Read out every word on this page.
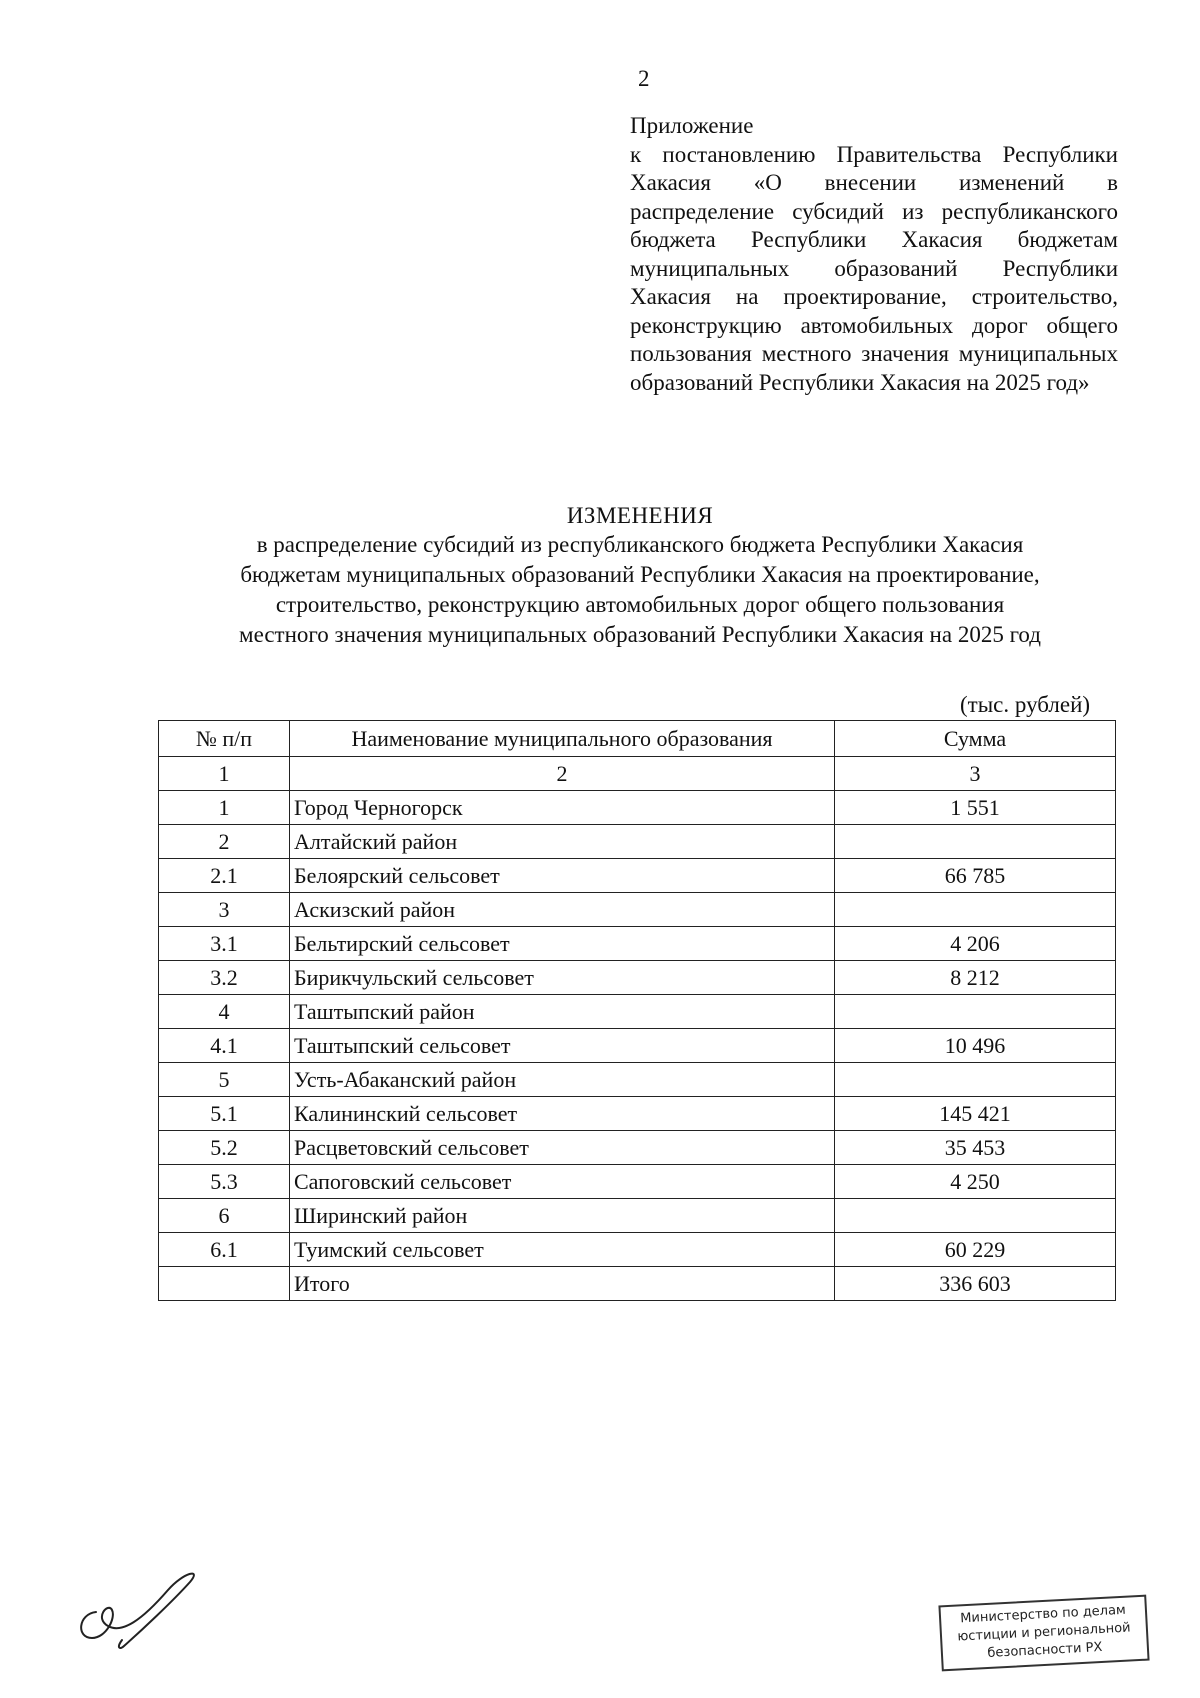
2

Приложение

к постановлению Правительства Республики Хакасия «О внесении изменений в распределение субсидий из республиканского бюджета Республики Хакасия бюджетам муниципальных образований Республики Хакасия на проектирование, строительство, реконструкцию автомобильных дорог общего пользования местного значения муниципальных образований Республики Хакасия на 2025 год»

ИЗМЕНЕНИЯ
в распределение субсидий из республиканского бюджета Республики Хакасия
бюджетам муниципальных образований Республики Хакасия на проектирование,
строительство, реконструкцию автомобильных дорог общего пользования
местного значения муниципальных образований Республики Хакасия на 2025 год
(тыс. рублей)
№ п/п	Наименование муниципального образования	Сумма
1	2	3
1	Город Черногорск	1 551
2	Алтайский район	
2.1	Белоярский сельсовет	66 785
3	Аскизский район	
3.1	Бельтирский сельсовет	4 206
3.2	Бирикчульский сельсовет	8 212
4	Таштыпский район	
4.1	Таштыпский сельсовет	10 496
5	Усть-Абаканский район	
5.1	Калининский сельсовет	145 421
5.2	Расцветовский сельсовет	35 453
5.3	Сапоговский сельсовет	4 250
6	Ширинский район	
6.1	Туимский сельсовет	60 229
	Итого	336 603
Министерство по делам
юстиции и региональной
безопасности РХ
